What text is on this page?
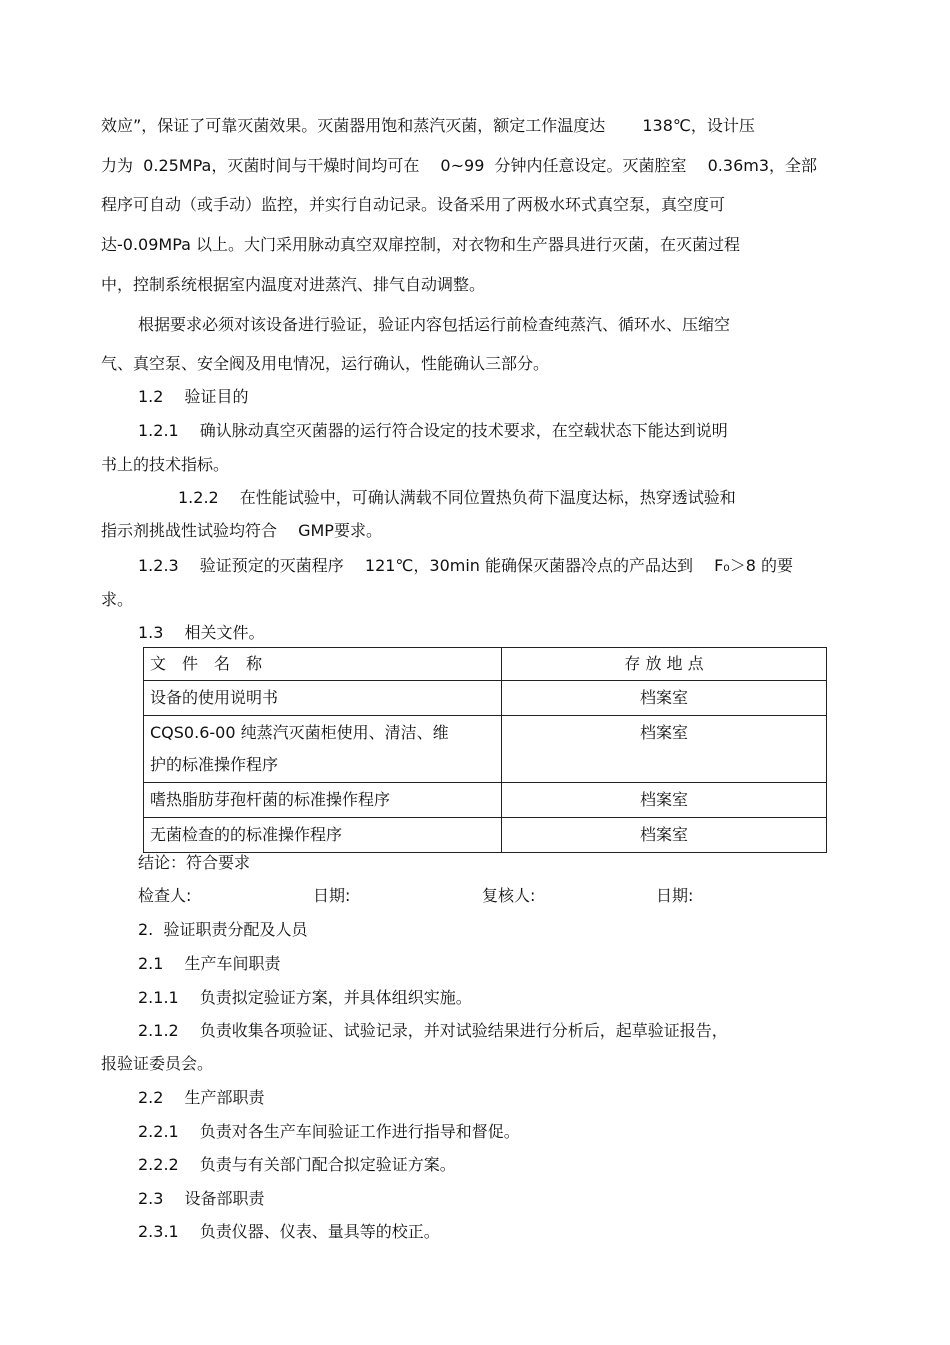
效应”，保证了可靠灭菌效果。灭菌器用饱和蒸汽灭菌，额定工作温度达 　　138℃，设计压
力为  0.25MPa，灭菌时间与干燥时间均可在 　0~99  分钟内任意设定。灭菌腔室 　0.36m3，全部
程序可自动（或手动）监控，并实行自动记录。设备采用了两极水环式真空泵，真空度可
达-0.09MPa 以上。大门采用脉动真空双扉控制，对衣物和生产器具进行灭菌，在灭菌过程
中，控制系统根据室内温度对进蒸汽、排气自动调整。
根据要求必须对该设备进行验证，验证内容包括运行前检查纯蒸汽、循环水、压缩空
气、真空泵、安全阀及用电情况，运行确认，性能确认三部分。
1.2　 验证目的
1.2.1　 确认脉动真空灭菌器的运行符合设定的技术要求，在空载状态下能达到说明
书上的技术指标。
1.2.2　 在性能试验中，可确认满载不同位置热负荷下温度达标，热穿透试验和
指示剂挑战性试验均符合 　GMP要求。
1.2.3　 验证预定的灭菌程序 　121℃，30min 能确保灭菌器冷点的产品达到 　F₀＞8 的要
求。
1.3　 相关文件。
文　件　名　称	存 放 地 点
设备的使用说明书	档案室

CQS0.6-00 纯蒸汽灭菌柜使用、清洁、维
护的标准操作程序	档案室
嗜热脂肪芽孢杆菌的标准操作程序	档案室
无菌检查的的标准操作程序	档案室
结论：符合要求
检查人:	日期:	复核人:	日期:
2.  验证职责分配及人员
2.1　 生产车间职责
2.1.1　 负责拟定验证方案，并具体组织实施。
2.1.2　 负责收集各项验证、试验记录，并对试验结果进行分析后，起草验证报告，
报验证委员会。
2.2　 生产部职责
2.2.1　 负责对各生产车间验证工作进行指导和督促。
2.2.2　 负责与有关部门配合拟定验证方案。
2.3　 设备部职责
2.3.1　 负责仪器、仪表、量具等的校正。
